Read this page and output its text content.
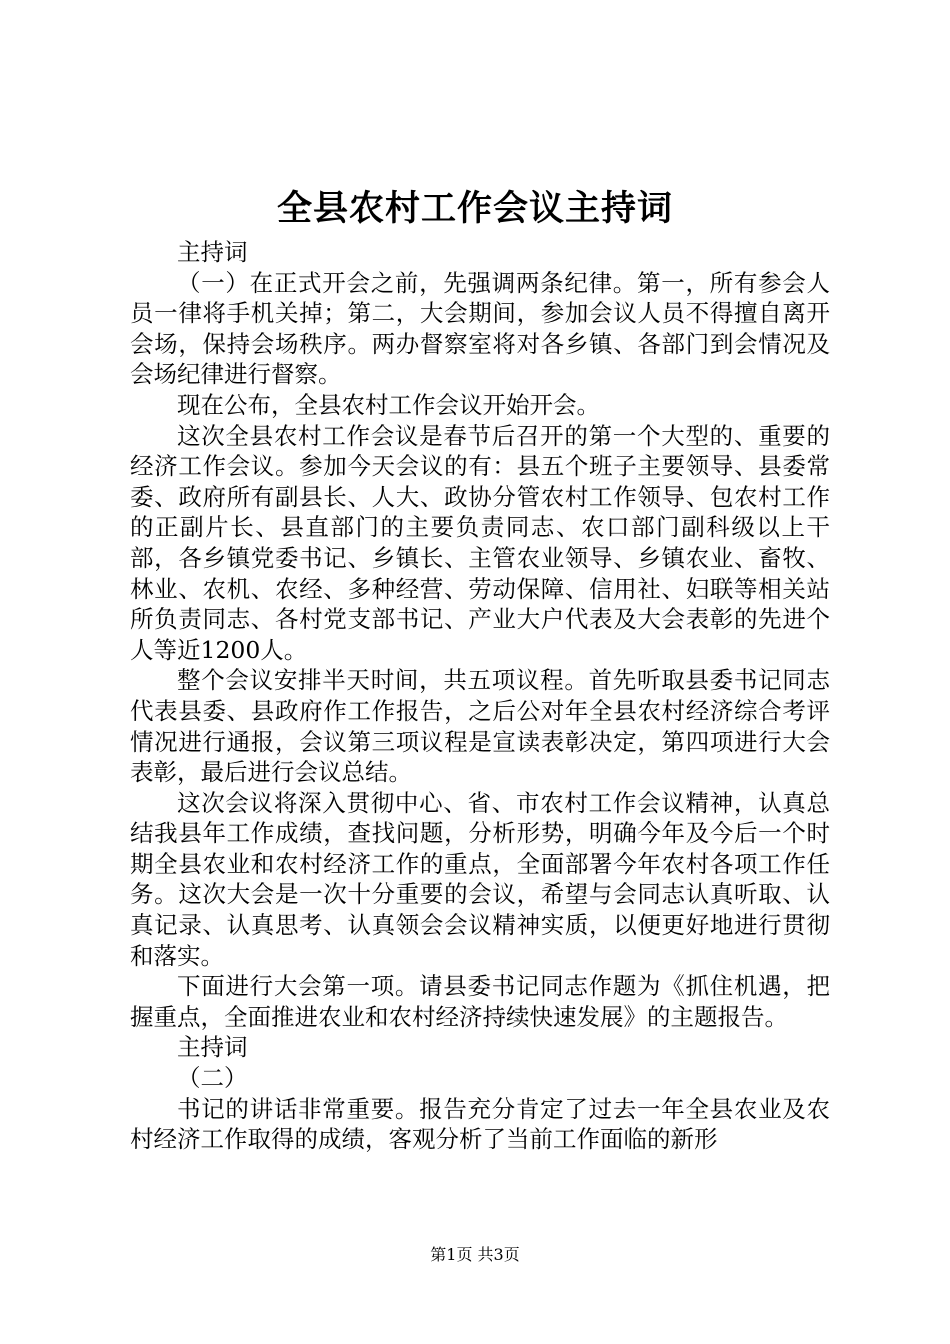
全县农村工作会议主持词

主持词

（一）在正式开会之前，先强调两条纪律。第一，所有参会人员一律将手机关掉；第二，大会期间，参加会议人员不得擅自离开会场，保持会场秩序。两办督察室将对各乡镇、各部门到会情况及会场纪律进行督察。

现在公布，全县农村工作会议开始开会。

这次全县农村工作会议是春节后召开的第一个大型的、重要的经济工作会议。参加今天会议的有：县五个班子主要领导、县委常委、政府所有副县长、人大、政协分管农村工作领导、包农村工作的正副片长、县直部门的主要负责同志、农口部门副科级以上干部，各乡镇党委书记、乡镇长、主管农业领导、乡镇农业、畜牧、林业、农机、农经、多种经营、劳动保障、信用社、妇联等相关站所负责同志、各村党支部书记、产业大户代表及大会表彰的先进个人等近1200人。

整个会议安排半天时间，共五项议程。首先听取县委书记同志代表县委、县政府作工作报告，之后公对年全县农村经济综合考评情况进行通报，会议第三项议程是宣读表彰决定，第四项进行大会表彰，最后进行会议总结。

这次会议将深入贯彻中心、省、市农村工作会议精神，认真总结我县年工作成绩，查找问题，分析形势，明确今年及今后一个时期全县农业和农村经济工作的重点，全面部署今年农村各项工作任务。这次大会是一次十分重要的会议，希望与会同志认真听取、认真记录、认真思考、认真领会会议精神实质，以便更好地进行贯彻和落实。

下面进行大会第一项。请县委书记同志作题为《抓住机遇，把握重点，全面推进农业和农村经济持续快速发展》的主题报告。

主持词

（二）

书记的讲话非常重要。报告充分肯定了过去一年全县农业及农村经济工作取得的成绩，客观分析了当前工作面临的新形

第1页 共3页
